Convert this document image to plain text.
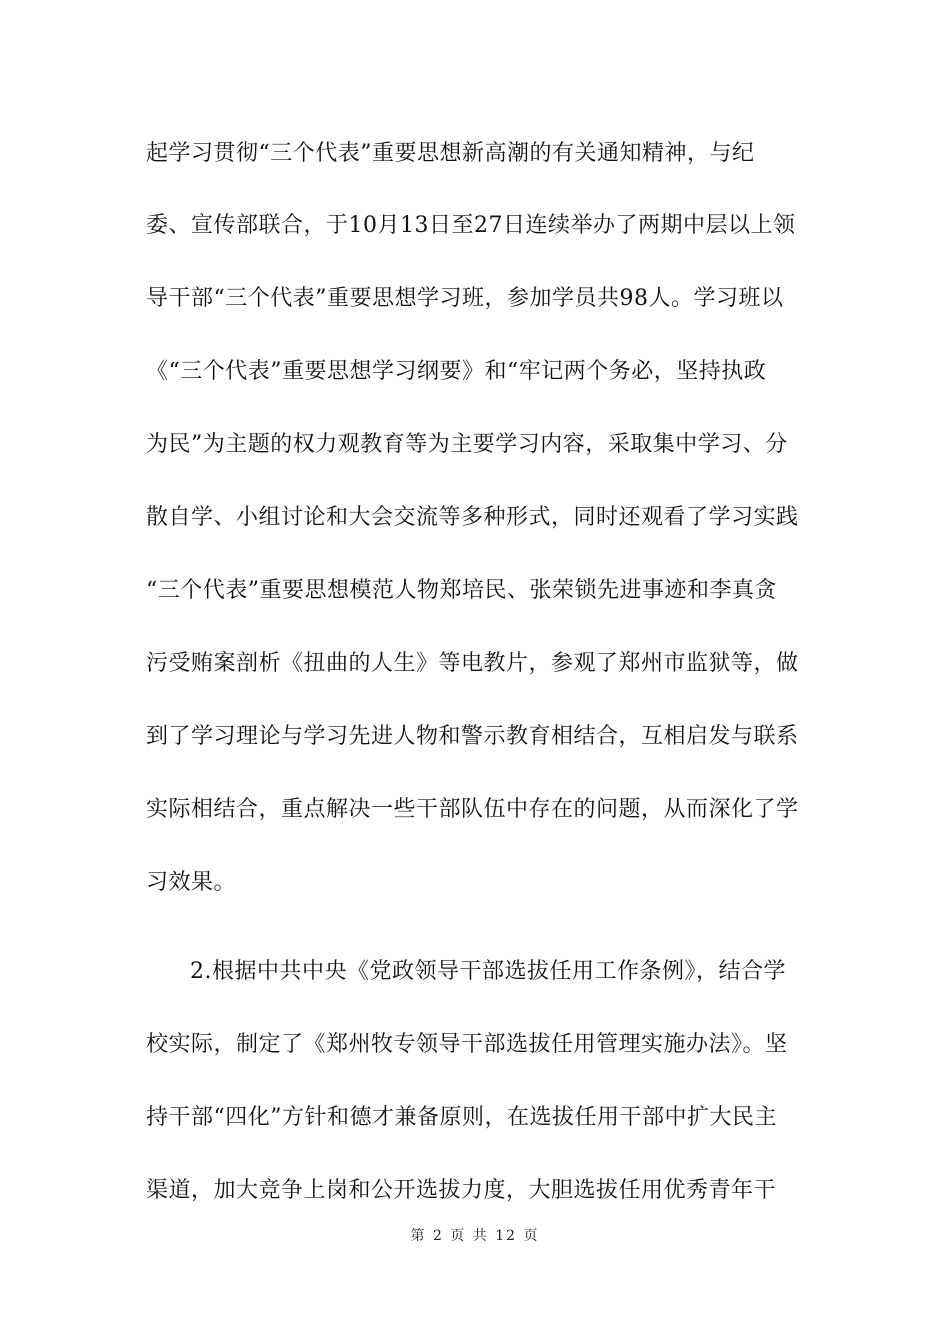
起学习贯彻“三个代表”重要思想新高潮的有关通知精神，与纪
委、宣传部联合，于10月13日至27日连续举办了两期中层以上领
导干部“三个代表”重要思想学习班，参加学员共98人。学习班以
《“三个代表”重要思想学习纲要》和“牢记两个务必，坚持执政
为民”为主题的权力观教育等为主要学习内容，采取集中学习、分
散自学、小组讨论和大会交流等多种形式，同时还观看了学习实践
“三个代表”重要思想模范人物郑培民、张荣锁先进事迹和李真贪
污受贿案剖析《扭曲的人生》等电教片，参观了郑州市监狱等，做
到了学习理论与学习先进人物和警示教育相结合，互相启发与联系
实际相结合，重点解决一些干部队伍中存在的问题，从而深化了学
习效果。
2.根据中共中央《党政领导干部选拔任用工作条例》，结合学
校实际，制定了《郑州牧专领导干部选拔任用管理实施办法》。坚
持干部“四化”方针和德才兼备原则，在选拔任用干部中扩大民主
渠道，加大竞争上岗和公开选拔力度，大胆选拔任用优秀青年干
第 2 页 共 12 页
